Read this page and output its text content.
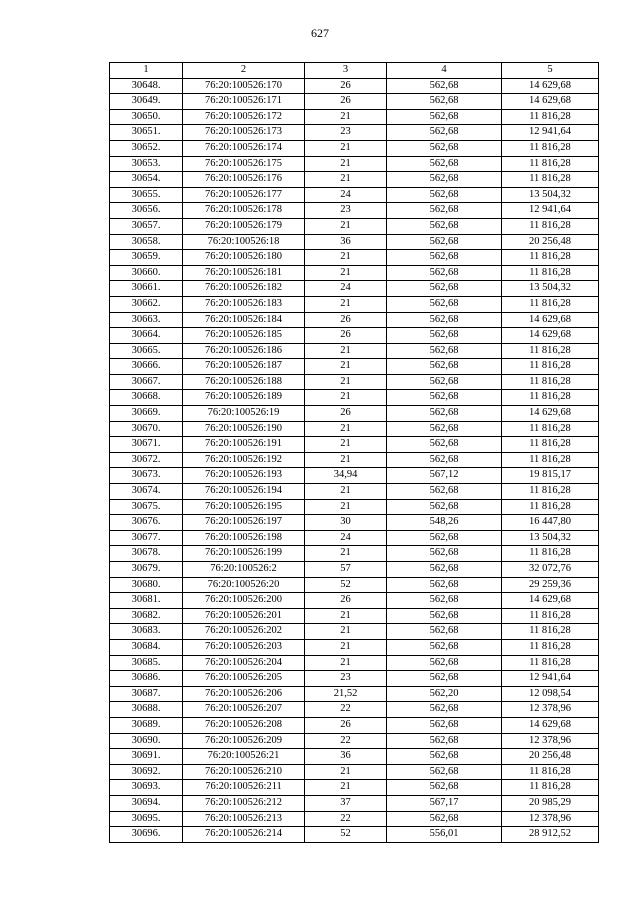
627
1	2	3	4	5
30648.	76:20:100526:170	26	562,68	14 629,68
30649.	76:20:100526:171	26	562,68	14 629,68
30650.	76:20:100526:172	21	562,68	11 816,28
30651.	76:20:100526:173	23	562,68	12 941,64
30652.	76:20:100526:174	21	562,68	11 816,28
30653.	76:20:100526:175	21	562,68	11 816,28
30654.	76:20:100526:176	21	562,68	11 816,28
30655.	76:20:100526:177	24	562,68	13 504,32
30656.	76:20:100526:178	23	562,68	12 941,64
30657.	76:20:100526:179	21	562,68	11 816,28
30658.	76:20:100526:18	36	562,68	20 256,48
30659.	76:20:100526:180	21	562,68	11 816,28
30660.	76:20:100526:181	21	562,68	11 816,28
30661.	76:20:100526:182	24	562,68	13 504,32
30662.	76:20:100526:183	21	562,68	11 816,28
30663.	76:20:100526:184	26	562,68	14 629,68
30664.	76:20:100526:185	26	562,68	14 629,68
30665.	76:20:100526:186	21	562,68	11 816,28
30666.	76:20:100526:187	21	562,68	11 816,28
30667.	76:20:100526:188	21	562,68	11 816,28
30668.	76:20:100526:189	21	562,68	11 816,28
30669.	76:20:100526:19	26	562,68	14 629,68
30670.	76:20:100526:190	21	562,68	11 816,28
30671.	76:20:100526:191	21	562,68	11 816,28
30672.	76:20:100526:192	21	562,68	11 816,28
30673.	76:20:100526:193	34,94	567,12	19 815,17
30674.	76:20:100526:194	21	562,68	11 816,28
30675.	76:20:100526:195	21	562,68	11 816,28
30676.	76:20:100526:197	30	548,26	16 447,80
30677.	76:20:100526:198	24	562,68	13 504,32
30678.	76:20:100526:199	21	562,68	11 816,28
30679.	76:20:100526:2	57	562,68	32 072,76
30680.	76:20:100526:20	52	562,68	29 259,36
30681.	76:20:100526:200	26	562,68	14 629,68
30682.	76:20:100526:201	21	562,68	11 816,28
30683.	76:20:100526:202	21	562,68	11 816,28
30684.	76:20:100526:203	21	562,68	11 816,28
30685.	76:20:100526:204	21	562,68	11 816,28
30686.	76:20:100526:205	23	562,68	12 941,64
30687.	76:20:100526:206	21,52	562,20	12 098,54
30688.	76:20:100526:207	22	562,68	12 378,96
30689.	76:20:100526:208	26	562,68	14 629,68
30690.	76:20:100526:209	22	562,68	12 378,96
30691.	76:20:100526:21	36	562,68	20 256,48
30692.	76:20:100526:210	21	562,68	11 816,28
30693.	76:20:100526:211	21	562,68	11 816,28
30694.	76:20:100526:212	37	567,17	20 985,29
30695.	76:20:100526:213	22	562,68	12 378,96
30696.	76:20:100526:214	52	556,01	28 912,52
